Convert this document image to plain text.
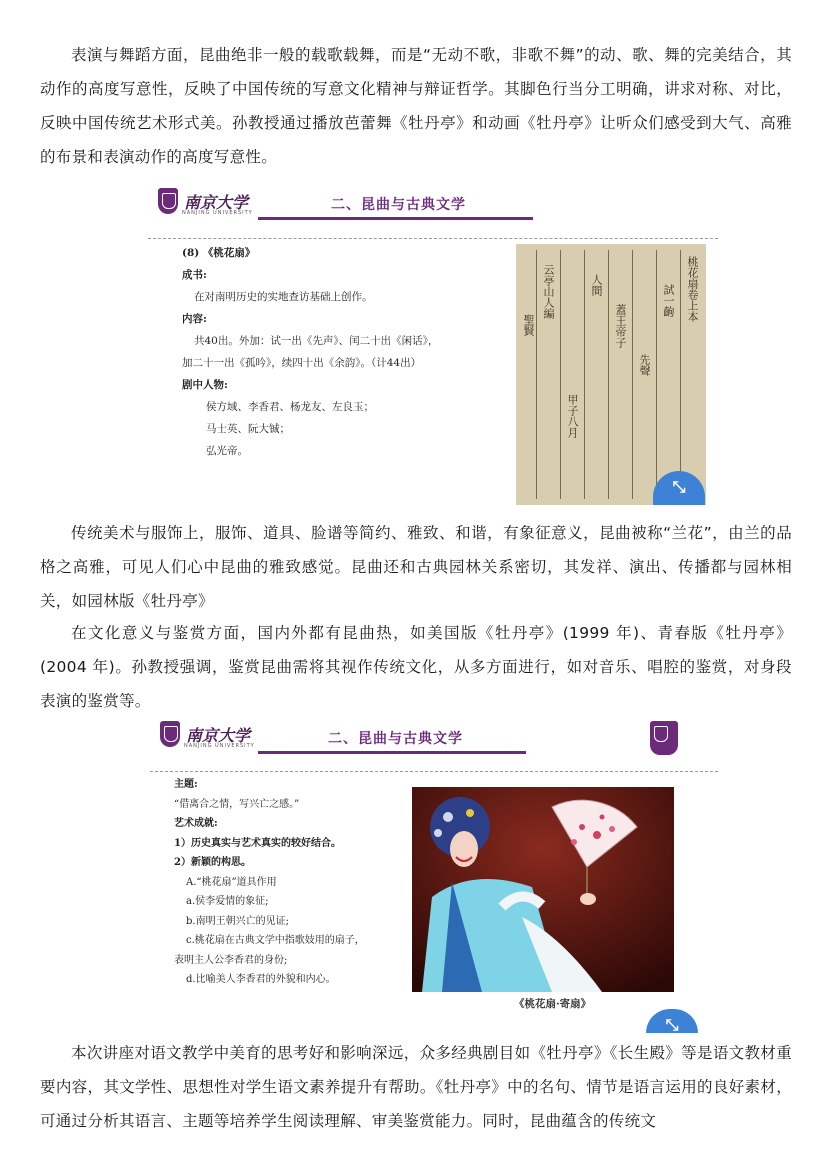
表演与舞蹈方面，昆曲绝非一般的载歌载舞，而是“无动不歌，非歌不舞”的动、歌、舞的完美结合，其动作的高度写意性，反映了中国传统的写意文化精神与辩证哲学。其脚色行当分工明确，讲求对称、对比，反映中国传统艺术形式美。孙教授通过播放芭蕾舞《牡丹亭》和动画《牡丹亭》让听众们感受到大气、高雅的布景和表演动作的高度写意性。

南京大学
NANJING UNIVERSITY	二、昆曲与古典文学
(8) 《桃花扇》
成书:
在对南明历史的实地查访基础上创作。
内容:
共40出。外加：试一出《先声》、闰二十出《闲话》，
加二十一出《孤吟》，续四十出《余韵》。（计44出）
剧中人物:
侯方域、李香君、杨龙友、左良玉；
马士英、阮大铖；
弘光帝。
桃花扇卷上本
試一齣
先聲
云亭山人編
甲子八月
蓋王帝子
人間
聖賢
⤡

传统美术与服饰上，服饰、道具、脸谱等简约、雅致、和谐，有象征意义，昆曲被称“兰花”，由兰的品格之高雅，可见人们心中昆曲的雅致感觉。昆曲还和古典园林关系密切，其发祥、演出、传播都与园林相关，如园林版《牡丹亭》

在文化意义与鉴赏方面，国内外都有昆曲热，如美国版《牡丹亭》(1999 年)、青春版《牡丹亭》(2004 年)。孙教授强调，鉴赏昆曲需将其视作传统文化，从多方面进行，如对音乐、唱腔的鉴赏，对身段表演的鉴赏等。

南京大学
NANJING UNIVERSITY	二、昆曲与古典文学
主题:
“借离合之情，写兴亡之感。”
艺术成就:
1）历史真实与艺术真实的较好结合。
2）新颖的构思。
A.“桃花扇”道具作用
a.侯李爱情的象征;
b.南明王朝兴亡的见证;
c.桃花扇在古典文学中指歌妓用的扇子，
表明主人公李香君的身份;
d.比喻美人李香君的外貌和内心。
《桃花扇·寄扇》
⤡

本次讲座对语文教学中美育的思考好和影响深远，众多经典剧目如《牡丹亭》《长生殿》等是语文教材重要内容，其文学性、思想性对学生语文素养提升有帮助。《牡丹亭》中的名句、情节是语言运用的良好素材，可通过分析其语言、主题等培养学生阅读理解、审美鉴赏能力。同时，昆曲蕴含的传统文
